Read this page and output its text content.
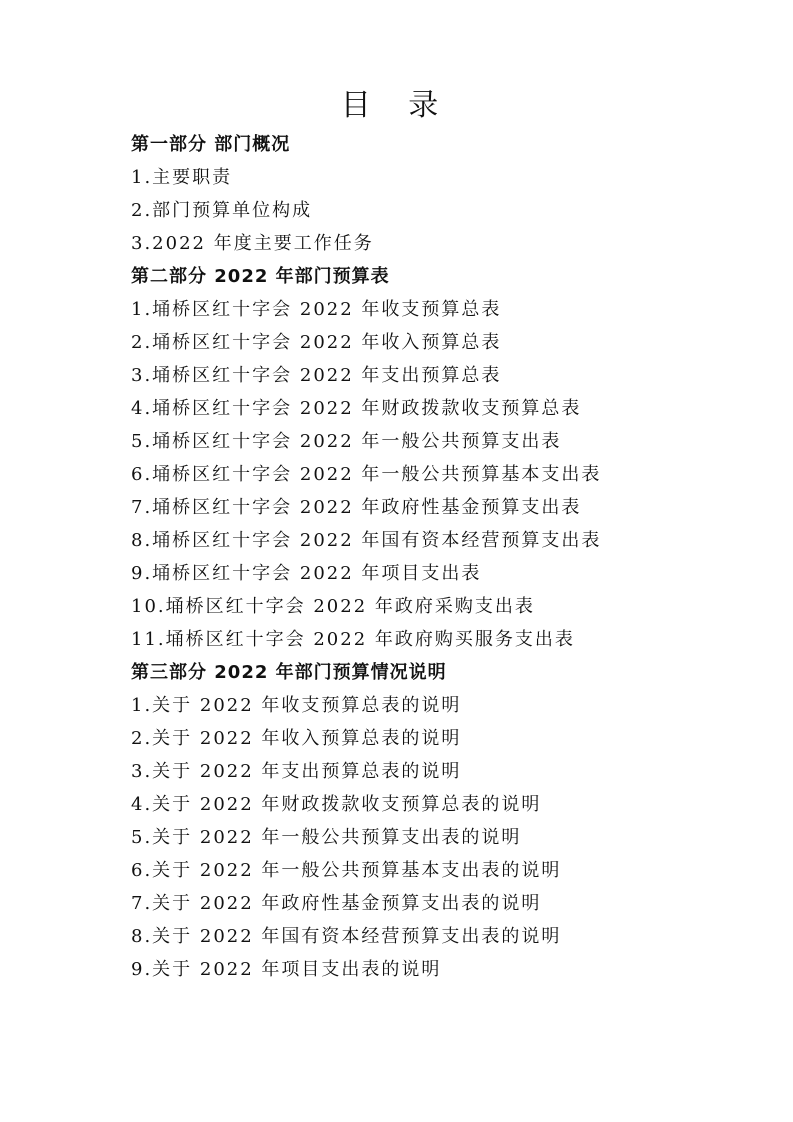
目 录
第一部分 部门概况
1.主要职责
2.部门预算单位构成
3.2022 年度主要工作任务
第二部分 2022 年部门预算表
1.埇桥区红十字会 2022 年收支预算总表
2.埇桥区红十字会 2022 年收入预算总表
3.埇桥区红十字会 2022 年支出预算总表
4.埇桥区红十字会 2022 年财政拨款收支预算总表
5.埇桥区红十字会 2022 年一般公共预算支出表
6.埇桥区红十字会 2022 年一般公共预算基本支出表
7.埇桥区红十字会 2022 年政府性基金预算支出表
8.埇桥区红十字会 2022 年国有资本经营预算支出表
9.埇桥区红十字会 2022 年项目支出表
10.埇桥区红十字会 2022 年政府采购支出表
11.埇桥区红十字会 2022 年政府购买服务支出表
第三部分 2022 年部门预算情况说明
1.关于 2022 年收支预算总表的说明
2.关于 2022 年收入预算总表的说明
3.关于 2022 年支出预算总表的说明
4.关于 2022 年财政拨款收支预算总表的说明
5.关于 2022 年一般公共预算支出表的说明
6.关于 2022 年一般公共预算基本支出表的说明
7.关于 2022 年政府性基金预算支出表的说明
8.关于 2022 年国有资本经营预算支出表的说明
9.关于 2022 年项目支出表的说明
